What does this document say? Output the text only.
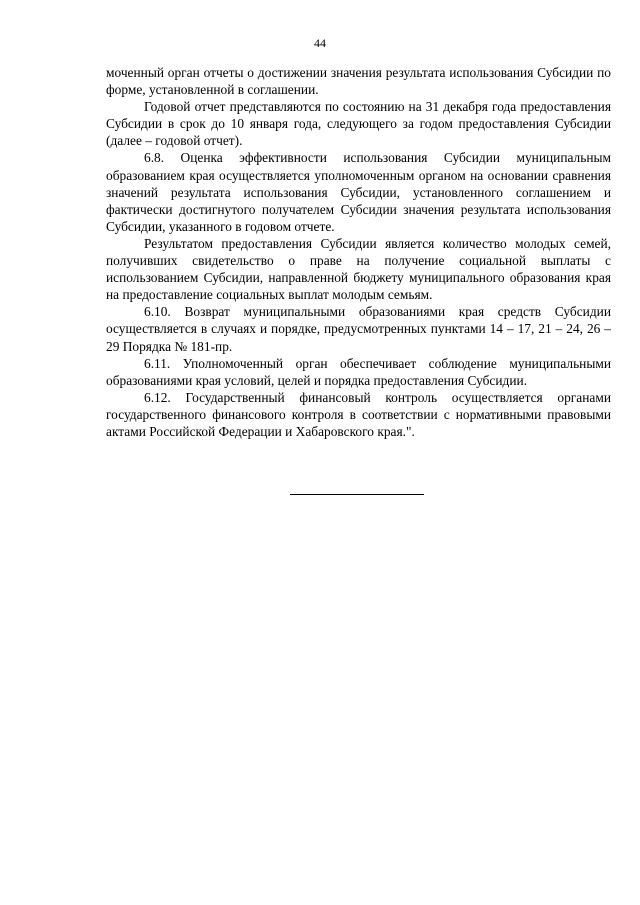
44

моченный орган отчеты о достижении значения результата использования Субсидии по форме, установленной в соглашении.

Годовой отчет представляются по состоянию на 31 декабря года предоставления Субсидии в срок до 10 января года, следующего за годом предоставления Субсидии (далее – годовой отчет).

6.8. Оценка эффективности использования Субсидии муниципальным образованием края осуществляется уполномоченным органом на основании сравнения значений результата использования Субсидии, установленного соглашением и фактически достигнутого получателем Субсидии значения результата использования Субсидии, указанного в годовом отчете.

Результатом предоставления Субсидии является количество молодых семей, получивших свидетельство о праве на получение социальной выплаты с использованием Субсидии, направленной бюджету муниципального образования края на предоставление социальных выплат молодым семьям.

6.10. Возврат муниципальными образованиями края средств Субсидии осуществляется в случаях и порядке, предусмотренных пунктами 14 – 17, 21 – 24, 26 – 29 Порядка № 181-пр.

6.11. Уполномоченный орган обеспечивает соблюдение муниципальными образованиями края условий, целей и порядка предоставления Субсидии.

6.12. Государственный финансовый контроль осуществляется органами государственного финансового контроля в соответствии с нормативными правовыми актами Российской Федерации и Хабаровского края.".
